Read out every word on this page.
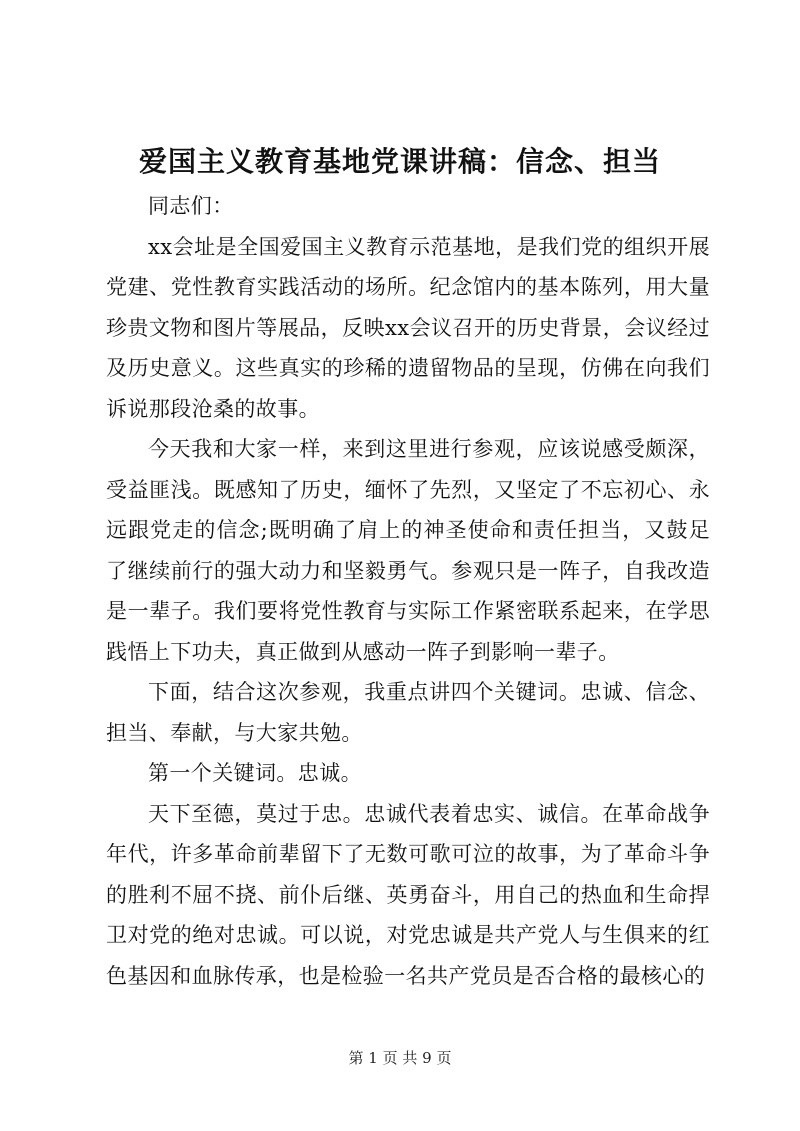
爱国主义教育基地党课讲稿：信念、担当

同志们：

xx会址是全国爱国主义教育示范基地，是我们党的组织开展党建、党性教育实践活动的场所。纪念馆内的基本陈列，用大量珍贵文物和图片等展品，反映xx会议召开的历史背景，会议经过及历史意义。这些真实的珍稀的遗留物品的呈现，仿佛在向我们诉说那段沧桑的故事。

今天我和大家一样，来到这里进行参观，应该说感受颇深，受益匪浅。既感知了历史，缅怀了先烈，又坚定了不忘初心、永远跟党走的信念;既明确了肩上的神圣使命和责任担当，又鼓足了继续前行的强大动力和坚毅勇气。参观只是一阵子，自我改造是一辈子。我们要将党性教育与实际工作紧密联系起来，在学思践悟上下功夫，真正做到从感动一阵子到影响一辈子。

下面，结合这次参观，我重点讲四个关键词。忠诚、信念、担当、奉献，与大家共勉。

第一个关键词。忠诚。

天下至德，莫过于忠。忠诚代表着忠实、诚信。在革命战争年代，许多革命前辈留下了无数可歌可泣的故事，为了革命斗争的胜利不屈不挠、前仆后继、英勇奋斗，用自己的热血和生命捍卫对党的绝对忠诚。可以说，对党忠诚是共产党人与生俱来的红色基因和血脉传承，也是检验一名共产党员是否合格的最核心的

第 1 页 共 9 页
